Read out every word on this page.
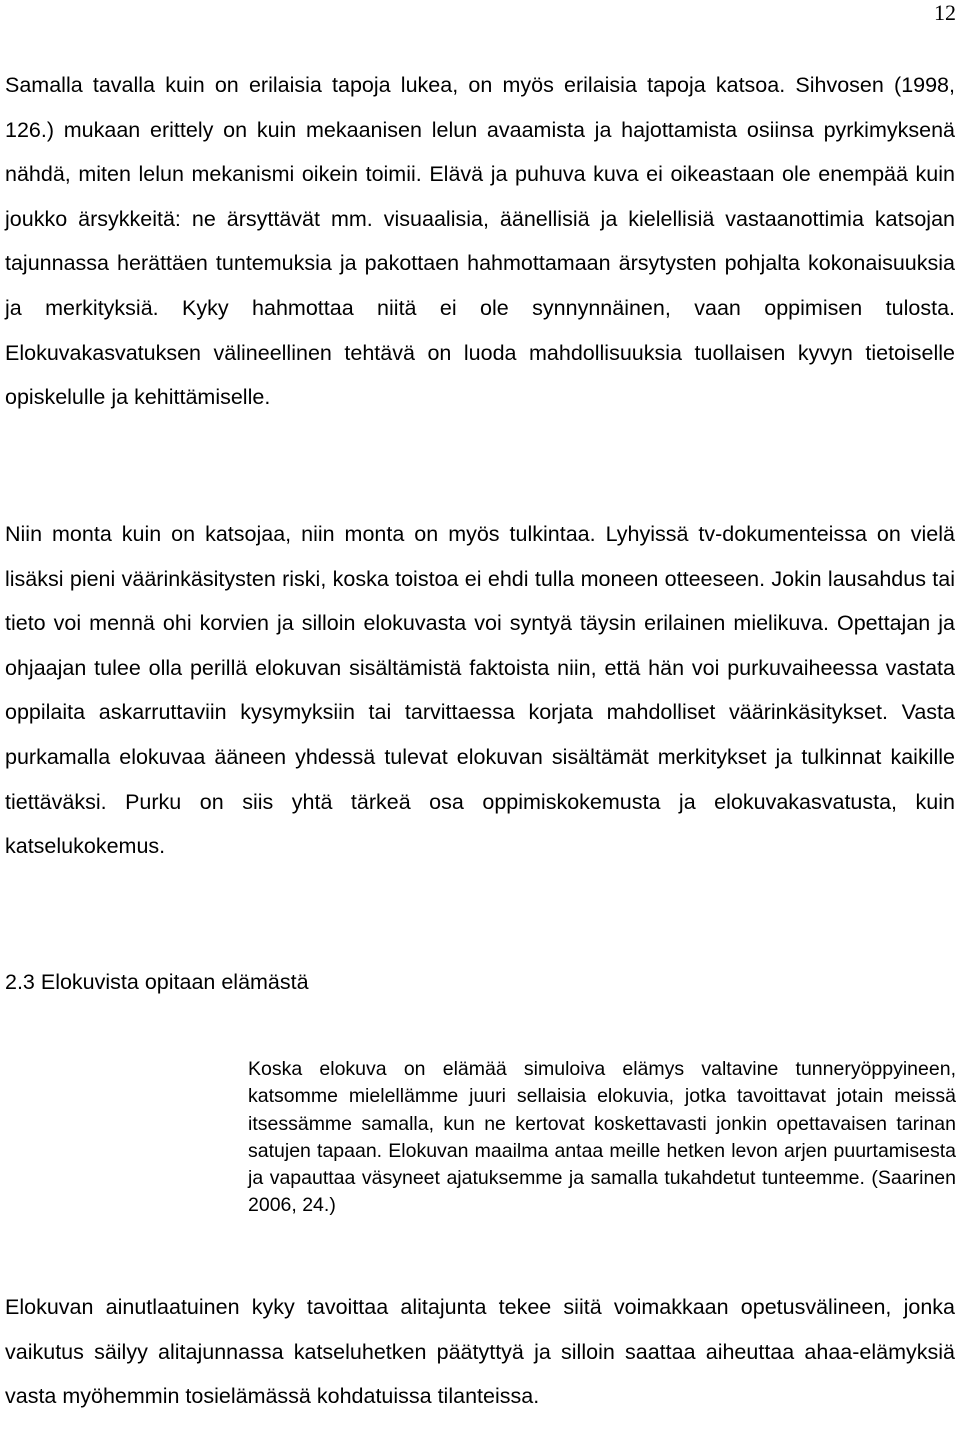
12

Samalla tavalla kuin on erilaisia tapoja lukea, on myös erilaisia tapoja katsoa. Sihvosen (1998, 126.) mukaan erittely on kuin mekaanisen lelun avaamista ja hajottamista osiinsa pyrkimyksenä nähdä, miten lelun mekanismi oikein toimii. Elävä ja puhuva kuva ei oikeastaan ole enempää kuin joukko ärsykkeitä: ne ärsyttävät mm. visuaalisia, äänellisiä ja kielellisiä vastaanottimia katsojan tajunnassa herättäen tuntemuksia ja pakottaen hahmottamaan ärsytysten pohjalta kokonaisuuksia ja merkityksiä. Kyky hahmottaa niitä ei ole synnynnäinen, vaan oppimisen tulosta. Elokuvakasvatuksen välineellinen tehtävä on luoda mahdollisuuksia tuollaisen kyvyn tietoiselle opiskelulle ja kehittämiselle.

Niin monta kuin on katsojaa, niin monta on myös tulkintaa. Lyhyissä tv-dokumenteissa on vielä lisäksi pieni väärinkäsitysten riski, koska toistoa ei ehdi tulla moneen otteeseen. Jokin lausahdus tai tieto voi mennä ohi korvien ja silloin elokuvasta voi syntyä täysin erilainen mielikuva. Opettajan ja ohjaajan tulee olla perillä elokuvan sisältämistä faktoista niin, että hän voi purkuvaiheessa vastata oppilaita askarruttaviin kysymyksiin tai tarvittaessa korjata mahdolliset väärinkäsitykset. Vasta purkamalla elokuvaa ääneen yhdessä tulevat elokuvan sisältämät merkitykset ja tulkinnat kaikille tiettäväksi. Purku on siis yhtä tärkeä osa oppimiskokemusta ja elokuvakasvatusta, kuin katselukokemus.

2.3 Elokuvista opitaan elämästä

Koska elokuva on elämää simuloiva elämys valtavine tunneryöppyineen, katsomme mielellämme juuri sellaisia elokuvia, jotka tavoittavat jotain meissä itsessämme samalla, kun ne kertovat koskettavasti jonkin opettavaisen tarinan satujen tapaan. Elokuvan maailma antaa meille hetken levon arjen puurtamisesta ja vapauttaa väsyneet ajatuksemme ja samalla tukahdetut tunteemme. (Saarinen 2006, 24.)

Elokuvan ainutlaatuinen kyky tavoittaa alitajunta tekee siitä voimakkaan opetusvälineen, jonka vaikutus säilyy alitajunnassa katseluhetken päätyttyä ja silloin saattaa aiheuttaa ahaa-elämyksiä vasta myöhemmin tosielämässä kohdatuissa tilanteissa.
